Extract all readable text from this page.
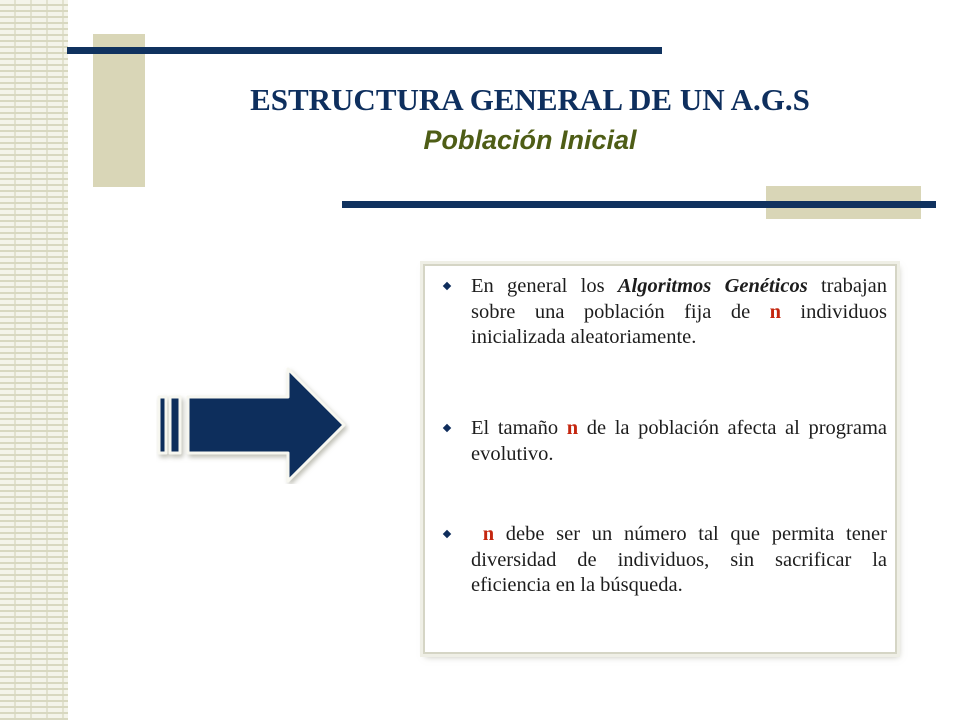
ESTRUCTURA GENERAL DE UN A.G.S
Población Inicial
En general los Algoritmos Genéticos trabajan sobre una población fija de n individuos inicializada aleatoriamente.
El tamaño n de la población afecta al programa evolutivo.
n debe ser un número tal que permita tener diversidad de individuos, sin sacrificar la eficiencia en la búsqueda.
